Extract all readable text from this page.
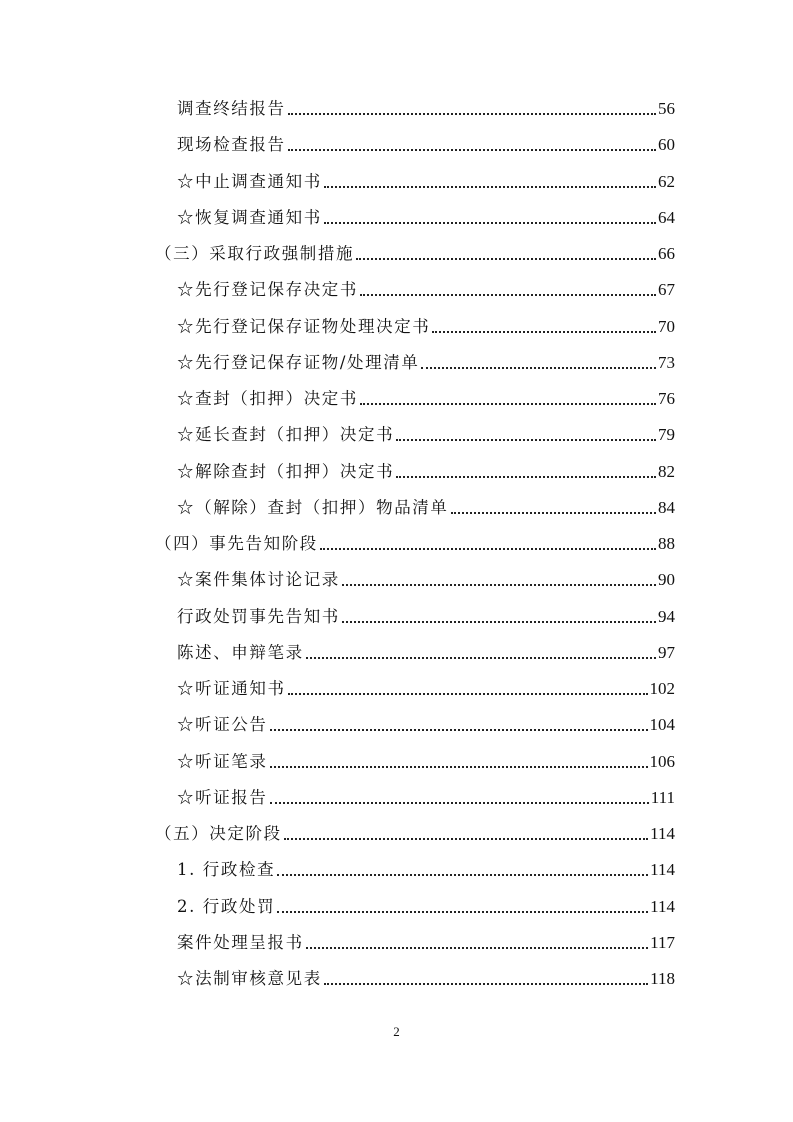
调查终结报告	56
现场检查报告	60
☆中止调查通知书	62
☆恢复调查通知书	64
（三）采取行政强制措施	66
☆先行登记保存决定书	67
☆先行登记保存证物处理决定书	70
☆先行登记保存证物/处理清单	73
☆查封（扣押）决定书	76
☆延长查封（扣押）决定书	79
☆解除查封（扣押）决定书	82
☆（解除）查封（扣押）物品清单	84
（四）事先告知阶段	88
☆案件集体讨论记录	90
行政处罚事先告知书	94
陈述、申辩笔录	97
☆听证通知书	102
☆听证公告	104
☆听证笔录	106
☆听证报告	111
（五）决定阶段	114
1. 行政检查	114
2. 行政处罚	114
案件处理呈报书	117
☆法制审核意见表	118
2
